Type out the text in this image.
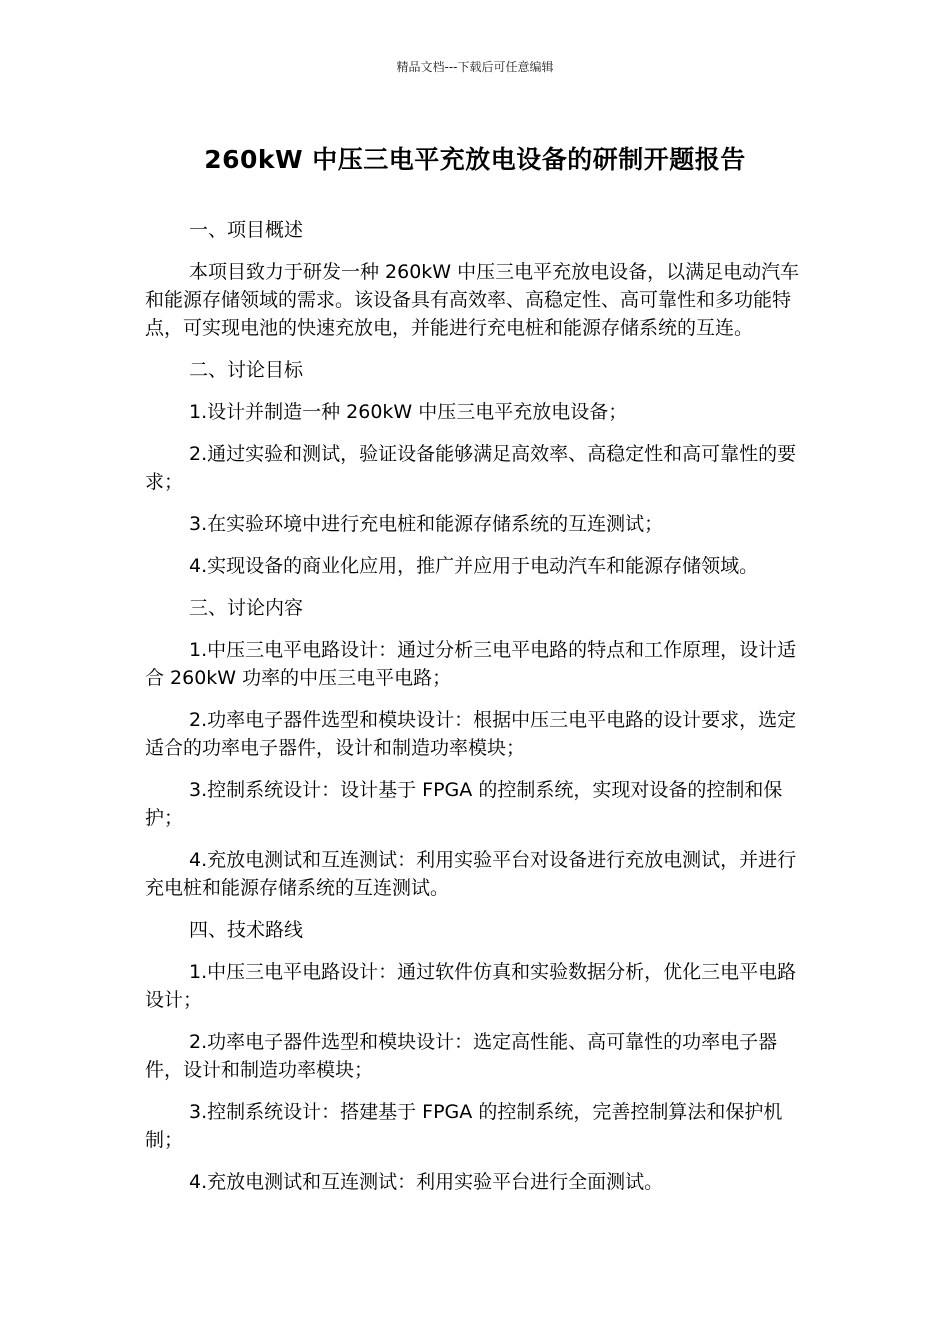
精品文档---下载后可任意编辑
260kW 中压三电平充放电设备的研制开题报告
一、项目概述
本项目致力于研发一种 260kW 中压三电平充放电设备，以满足电动汽车和能源存储领域的需求。该设备具有高效率、高稳定性、高可靠性和多功能特点，可实现电池的快速充放电，并能进行充电桩和能源存储系统的互连。
二、讨论目标
1.设计并制造一种 260kW 中压三电平充放电设备；
2.通过实验和测试，验证设备能够满足高效率、高稳定性和高可靠性的要求；
3.在实验环境中进行充电桩和能源存储系统的互连测试；
4.实现设备的商业化应用，推广并应用于电动汽车和能源存储领域。
三、讨论内容
1.中压三电平电路设计：通过分析三电平电路的特点和工作原理，设计适合 260kW 功率的中压三电平电路；
2.功率电子器件选型和模块设计：根据中压三电平电路的设计要求，选定适合的功率电子器件，设计和制造功率模块；
3.控制系统设计：设计基于 FPGA 的控制系统，实现对设备的控制和保护；
4.充放电测试和互连测试：利用实验平台对设备进行充放电测试，并进行充电桩和能源存储系统的互连测试。
四、技术路线
1.中压三电平电路设计：通过软件仿真和实验数据分析，优化三电平电路设计；
2.功率电子器件选型和模块设计：选定高性能、高可靠性的功率电子器件，设计和制造功率模块；
3.控制系统设计：搭建基于 FPGA 的控制系统，完善控制算法和保护机制；
4.充放电测试和互连测试：利用实验平台进行全面测试。
